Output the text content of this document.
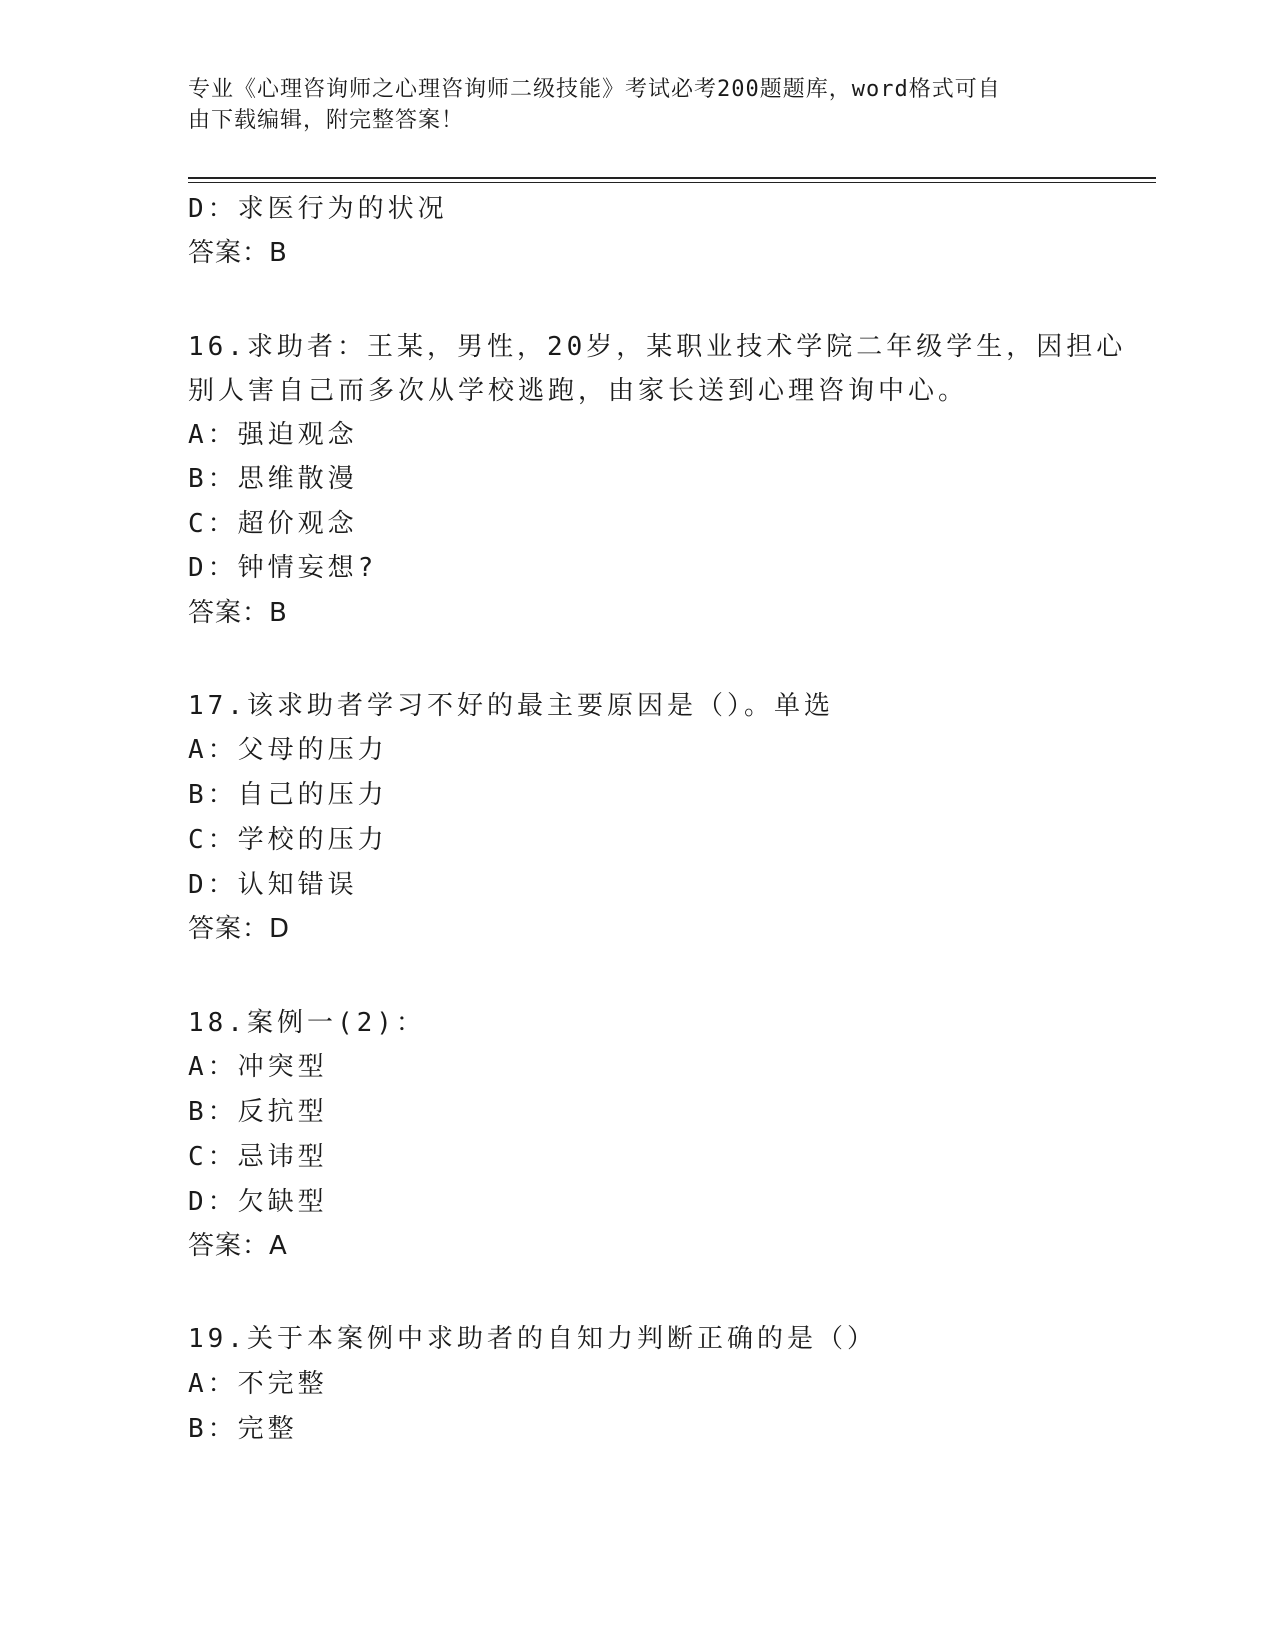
专业《心理咨询师之心理咨询师二级技能》考试必考200题题库，word格式可自
由下载编辑，附完整答案！
D：求医行为的状况
答案：B
16.求助者：王某，男性，20岁，某职业技术学院二年级学生，因担心
别人害自己而多次从学校逃跑，由家长送到心理咨询中心。
A：强迫观念
B：思维散漫
C：超价观念
D：钟情妄想?
答案：B
17.该求助者学习不好的最主要原因是（）。单选
A：父母的压力
B：自己的压力
C：学校的压力
D：认知错误
答案：D
18.案例一(2)：
A：冲突型
B：反抗型
C：忌讳型
D：欠缺型
答案：A
19.关于本案例中求助者的自知力判断正确的是（）
A：不完整
B：完整
